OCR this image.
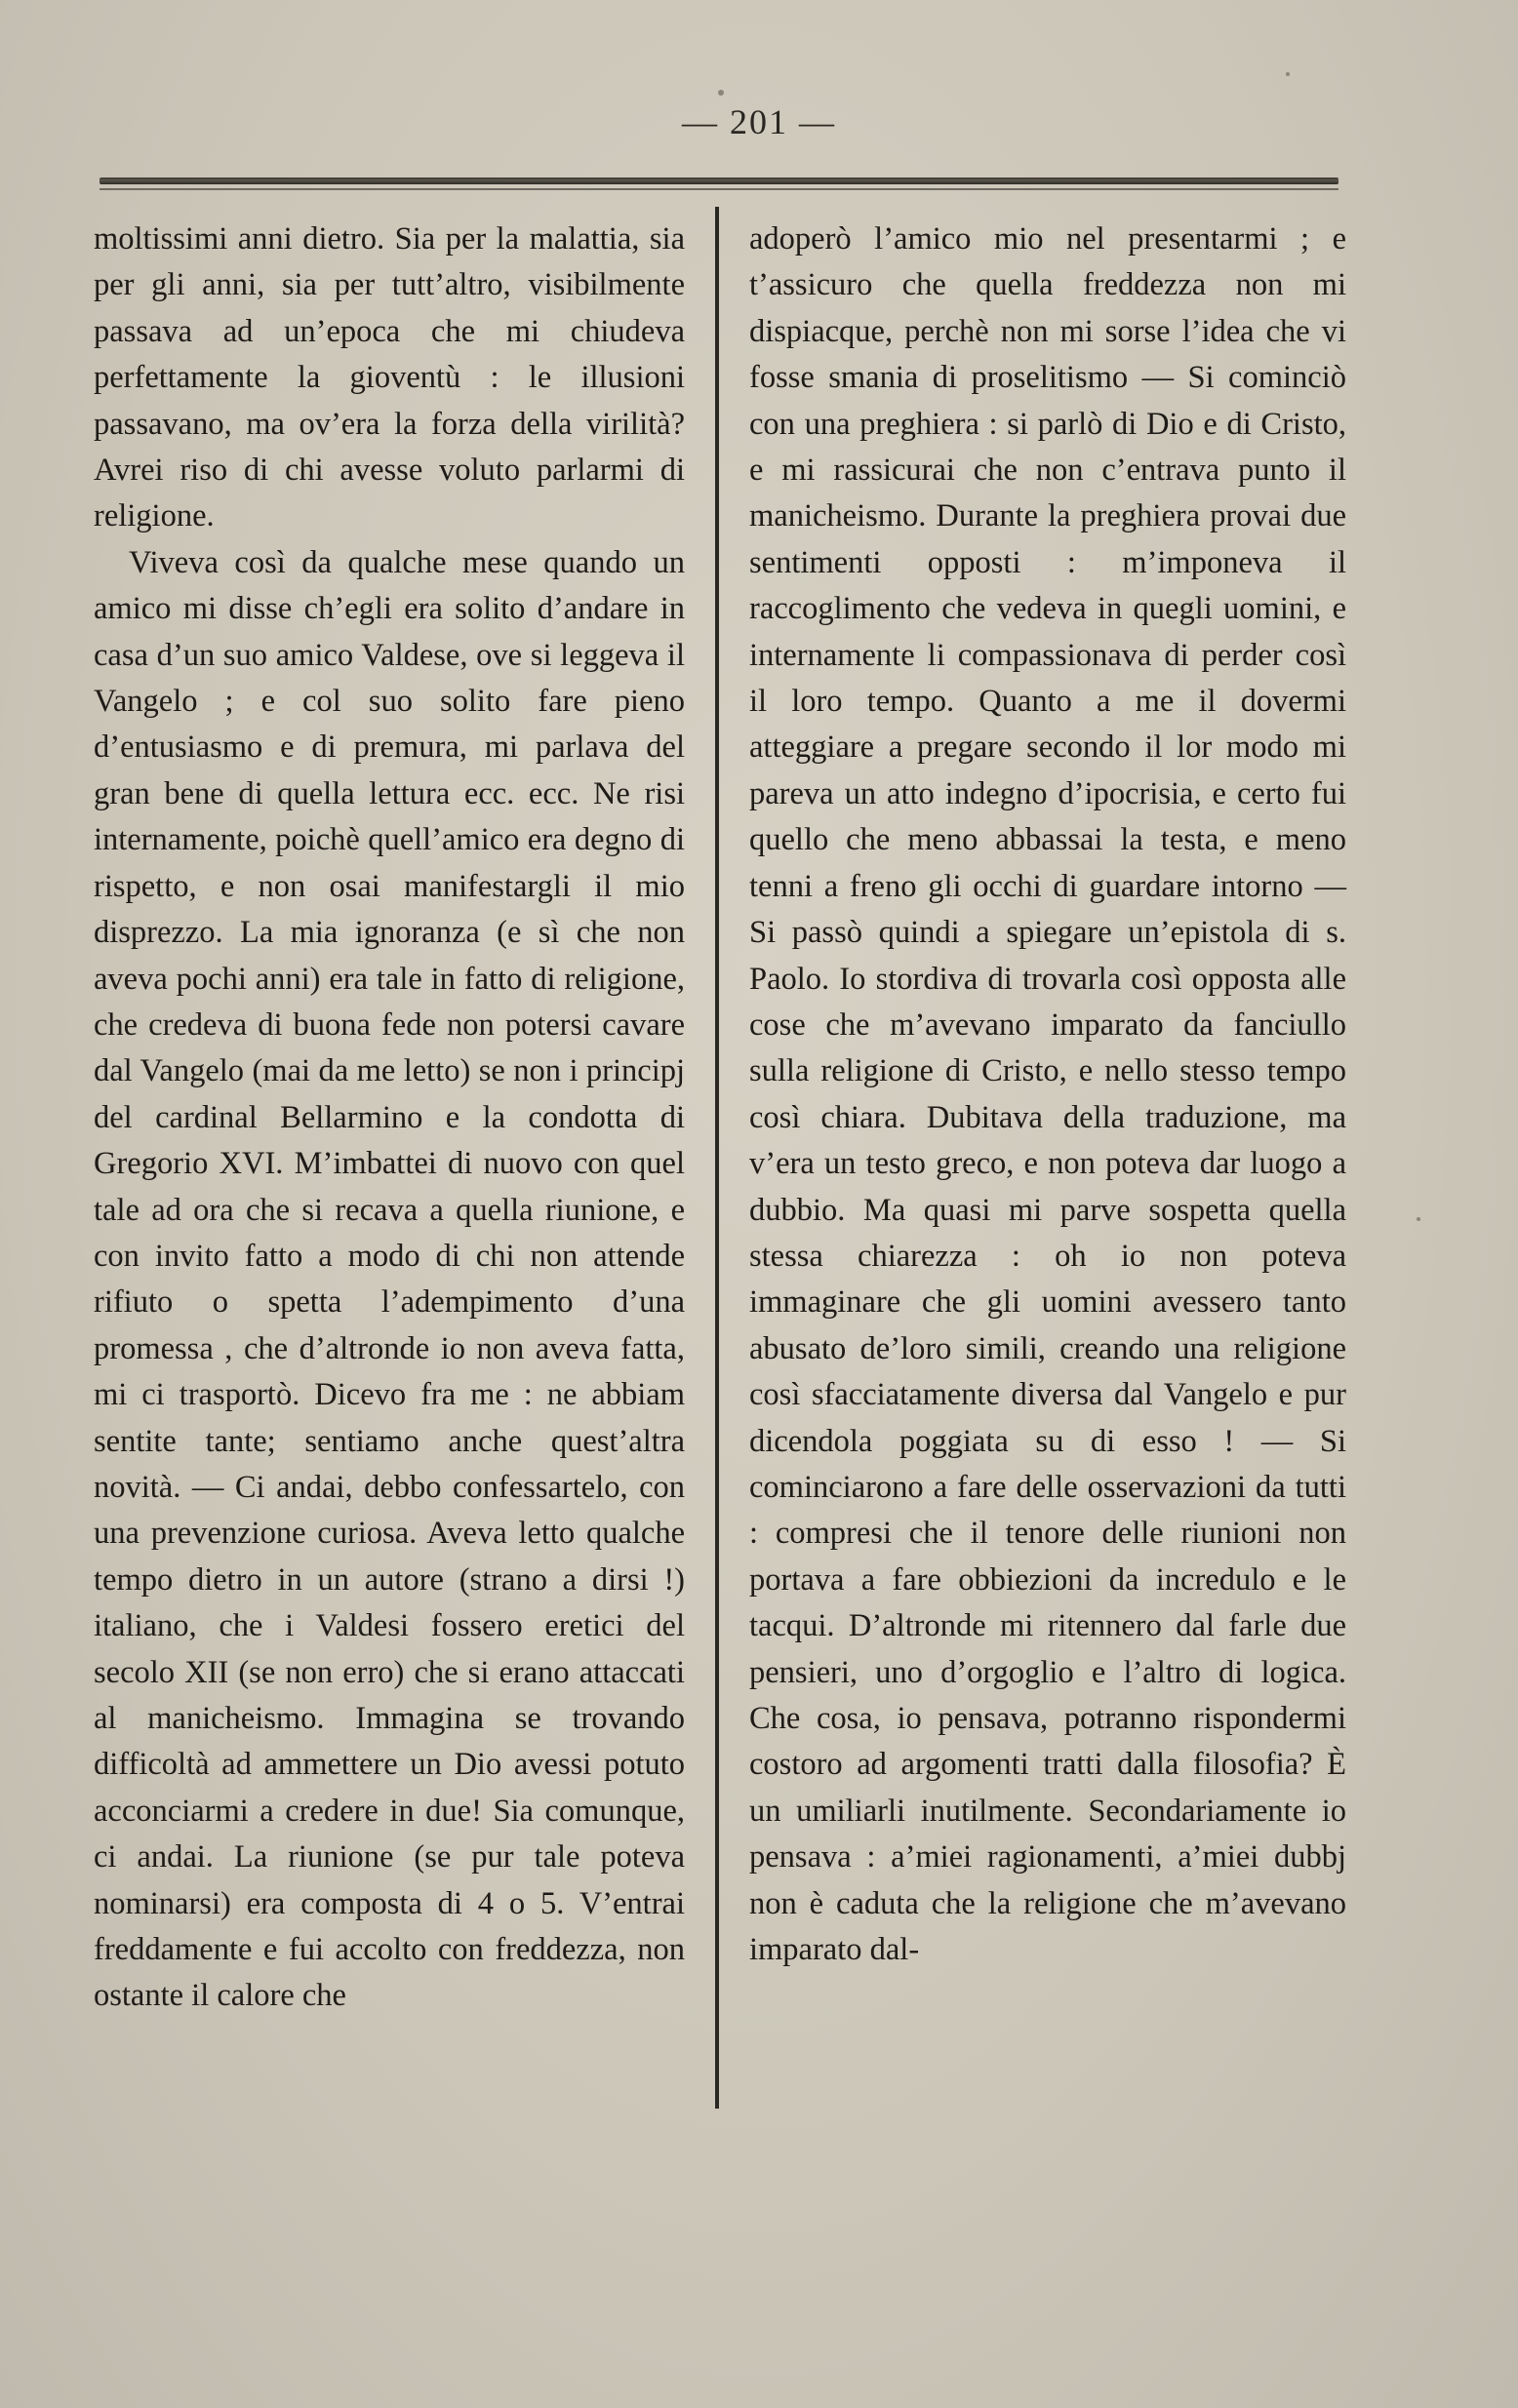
— 201 —

moltissimi anni dietro. Sia per la malattia, sia per gli anni, sia per tutt’altro, visibilmente passava ad un’epoca che mi chiudeva perfettamente la gioventù : le illusioni passavano, ma ov’era la forza della virilità? Avrei riso di chi avesse voluto parlarmi di religione.

Viveva così da qualche mese quando un amico mi disse ch’egli era solito d’andare in casa d’un suo amico Valdese, ove si leggeva il Vangelo ; e col suo solito fare pieno d’entusiasmo e di premura, mi parlava del gran bene di quella lettura ecc. ecc. Ne risi internamente, poichè quell’amico era degno di rispetto, e non osai manifestargli il mio disprezzo. La mia ignoranza (e sì che non aveva pochi anni) era tale in fatto di religione, che credeva di buona fede non potersi cavare dal Vangelo (mai da me letto) se non i principj del cardinal Bellarmino e la condotta di Gregorio XVI. M’imbattei di nuovo con quel tale ad ora che si recava a quella riunione, e con invito fatto a modo di chi non attende rifiuto o spetta l’adempimento d’una promessa , che d’altronde io non aveva fatta, mi ci trasportò. Dicevo fra me : ne abbiam sentite tante; sentiamo anche quest’altra novità. — Ci andai, debbo confessartelo, con una prevenzione curiosa. Aveva letto qualche tempo dietro in un autore (strano a dirsi !) italiano, che i Valdesi fossero eretici del secolo XII (se non erro) che si erano attaccati al manicheismo. Immagina se trovando difficoltà ad ammettere un Dio avessi potuto acconciarmi a credere in due! Sia comunque, ci andai. La riunione (se pur tale poteva nominarsi) era composta di 4 o 5. V’entrai freddamente e fui accolto con freddezza, non ostante il calore che

adoperò l’amico mio nel presentarmi ; e t’assicuro che quella freddezza non mi dispiacque, perchè non mi sorse l’idea che vi fosse smania di proselitismo — Si cominciò con una preghiera : si parlò di Dio e di Cristo, e mi rassicurai che non c’entrava punto il manicheismo. Durante la preghiera provai due sentimenti opposti : m’imponeva il raccoglimento che vedeva in quegli uomini, e internamente li compassionava di perder così il loro tempo. Quanto a me il dovermi atteggiare a pregare secondo il lor modo mi pareva un atto indegno d’ipocrisia, e certo fui quello che meno abbassai la testa, e meno tenni a freno gli occhi di guardare intorno — Si passò quindi a spiegare un’epistola di s. Paolo. Io stordiva di trovarla così opposta alle cose che m’avevano imparato da fanciullo sulla religione di Cristo, e nello stesso tempo così chiara. Dubitava della traduzione, ma v’era un testo greco, e non poteva dar luogo a dubbio. Ma quasi mi parve sospetta quella stessa chiarezza : oh io non poteva immaginare che gli uomini avessero tanto abusato de’loro simili, creando una religione così sfacciatamente diversa dal Vangelo e pur dicendola poggiata su di esso ! — Si cominciarono a fare delle osservazioni da tutti : compresi che il tenore delle riunioni non portava a fare obbiezioni da incredulo e le tacqui. D’altronde mi ritennero dal farle due pensieri, uno d’orgoglio e l’altro di logica. Che cosa, io pensava, potranno rispondermi costoro ad argomenti tratti dalla filosofia? È un umiliarli inutilmente. Secondariamente io pensava : a’miei ragionamenti, a’miei dubbj non è caduta che la religione che m’avevano imparato dal-
